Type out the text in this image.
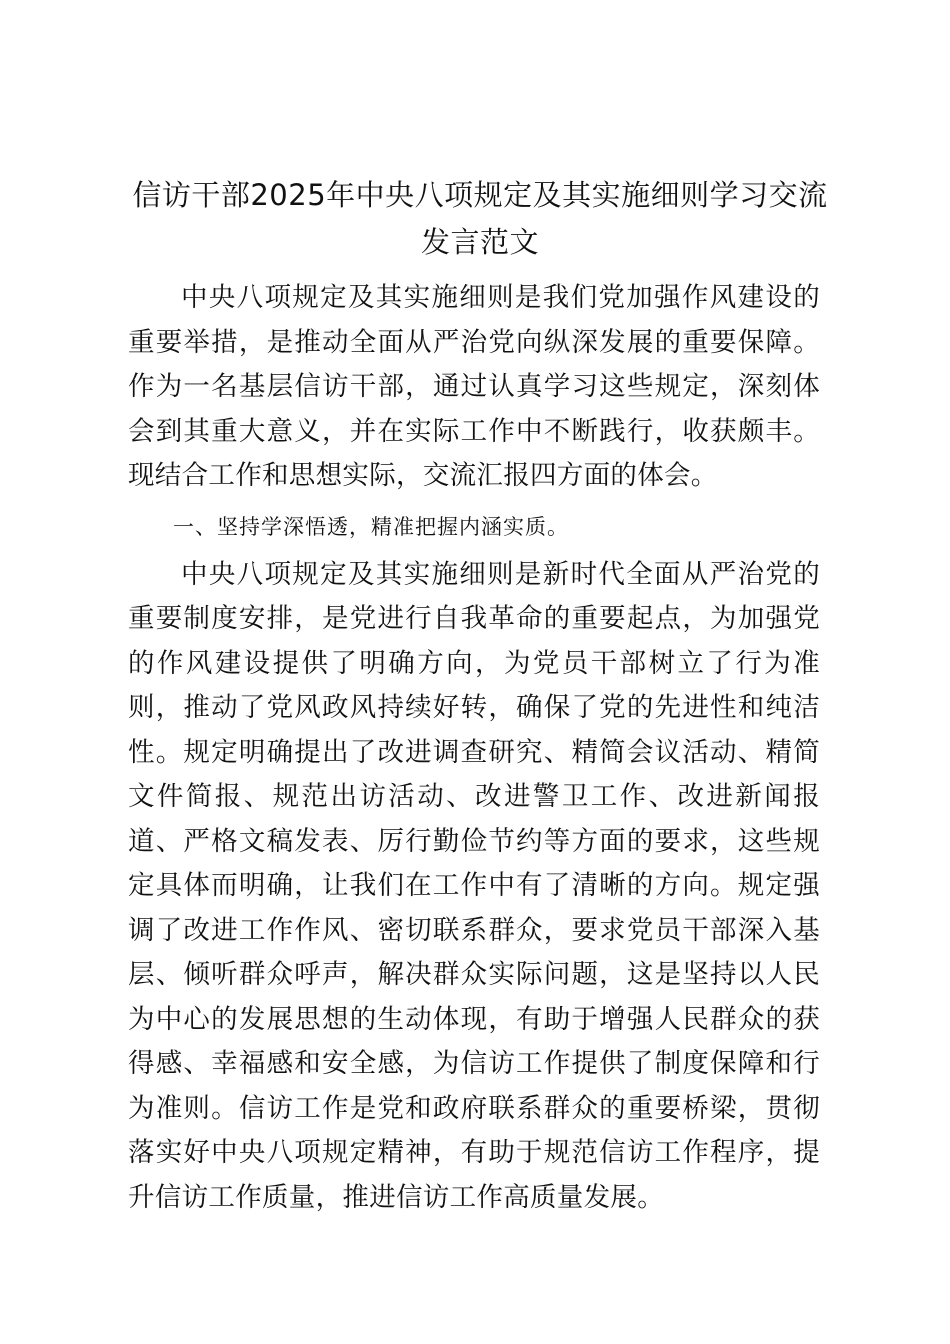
信访干部2025年中央八项规定及其实施细则学习交流发言范文

中央八项规定及其实施细则是我们党加强作风建设的重要举措，是推动全面从严治党向纵深发展的重要保障。作为一名基层信访干部，通过认真学习这些规定，深刻体会到其重大意义，并在实际工作中不断践行，收获颇丰。现结合工作和思想实际，交流汇报四方面的体会。

一、坚持学深悟透，精准把握内涵实质。

中央八项规定及其实施细则是新时代全面从严治党的重要制度安排，是党进行自我革命的重要起点，为加强党的作风建设提供了明确方向，为党员干部树立了行为准则，推动了党风政风持续好转，确保了党的先进性和纯洁性。规定明确提出了改进调查研究、精简会议活动、精简文件简报、规范出访活动、改进警卫工作、改进新闻报道、严格文稿发表、厉行勤俭节约等方面的要求，这些规定具体而明确，让我们在工作中有了清晰的方向。规定强调了改进工作作风、密切联系群众，要求党员干部深入基层、倾听群众呼声，解决群众实际问题，这是坚持以人民为中心的发展思想的生动体现，有助于增强人民群众的获得感、幸福感和安全感，为信访工作提供了制度保障和行为准则。信访工作是党和政府联系群众的重要桥梁，贯彻落实好中央八项规定精神，有助于规范信访工作程序，提升信访工作质量，推进信访工作高质量发展。
